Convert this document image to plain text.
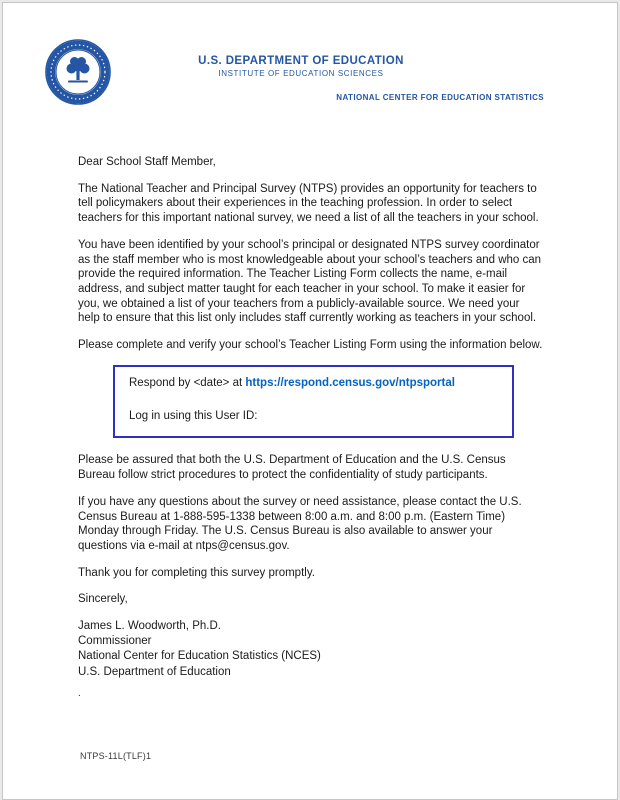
U.S. DEPARTMENT OF EDUCATION
INSTITUTE OF EDUCATION SCIENCES
NATIONAL CENTER FOR EDUCATION STATISTICS

Dear School Staff Member,

The National Teacher and Principal Survey (NTPS) provides an opportunity for teachers to tell policymakers about their experiences in the teaching profession. In order to select teachers for this important national survey, we need a list of all the teachers in your school.

You have been identified by your school’s principal or designated NTPS survey coordinator as the staff member who is most knowledgeable about your school’s teachers and who can provide the required information. The Teacher Listing Form collects the name, e-mail address, and subject matter taught for each teacher in your school. To make it easier for you, we obtained a list of your teachers from a publicly-available source. We need your help to ensure that this list only includes staff currently working as teachers in your school.

Please complete and verify your school’s Teacher Listing Form using the information below.

Respond by <date> at https://respond.census.gov/ntpsportal
Log in using this User ID:

Please be assured that both the U.S. Department of Education and the U.S. Census Bureau follow strict procedures to protect the confidentiality of study participants.

If you have any questions about the survey or need assistance, please contact the U.S. Census Bureau at 1-888-595-1338 between 8:00 a.m. and 8:00 p.m. (Eastern Time) Monday through Friday. The U.S. Census Bureau is also available to answer your questions via e-mail at ntps@census.gov.

Thank you for completing this survey promptly.

Sincerely,

James L. Woodworth, Ph.D.
Commissioner
National Center for Education Statistics (NCES)
U.S. Department of Education
.
NTPS-11L(TLF)1
